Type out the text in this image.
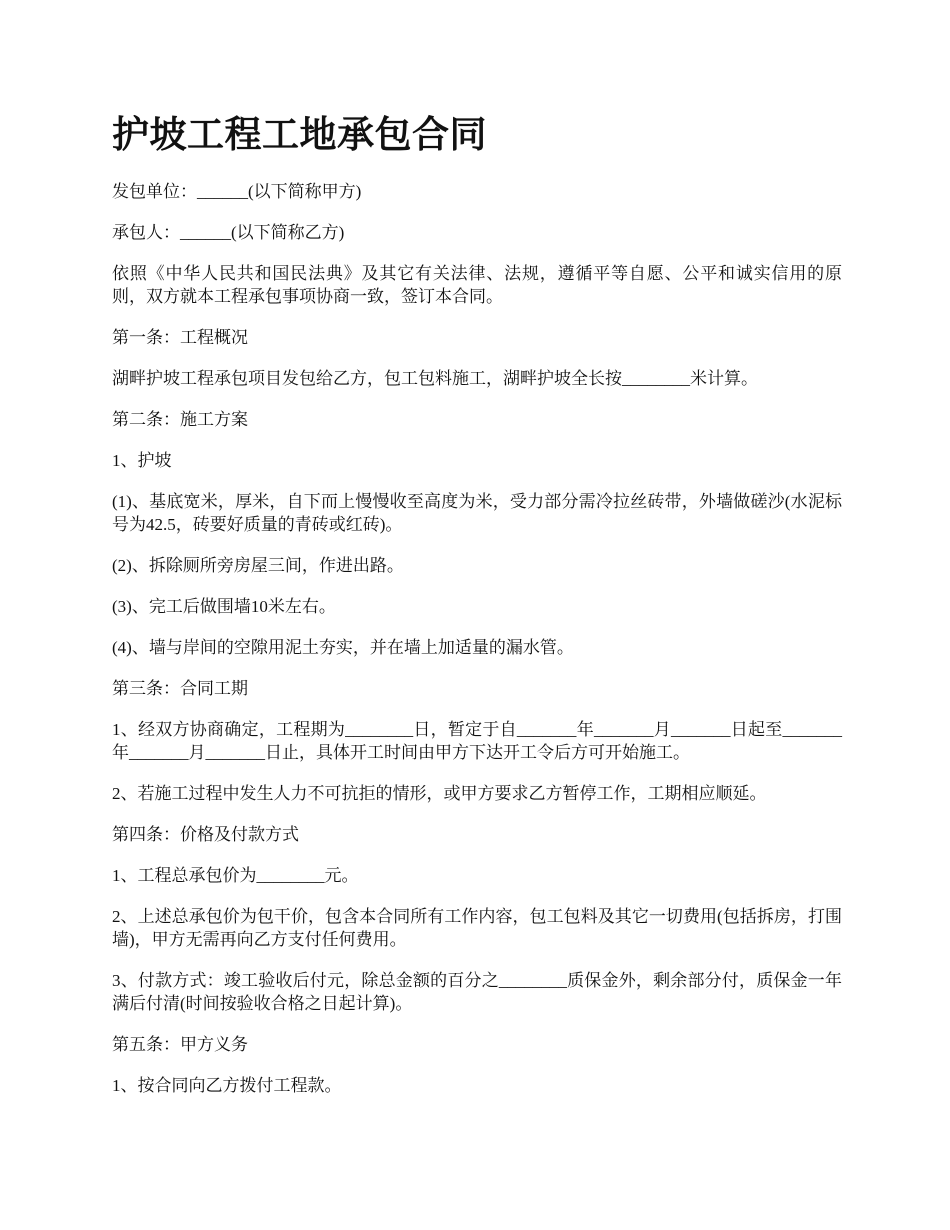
护坡工程工地承包合同
发包单位：______(以下简称甲方)
承包人：______(以下简称乙方)
依照《中华人民共和国民法典》及其它有关法律、法规，遵循平等自愿、公平和诚实信用的原则，双方就本工程承包事项协商一致，签订本合同。
第一条：工程概况
湖畔护坡工程承包项目发包给乙方，包工包料施工，湖畔护坡全长按________米计算。
第二条：施工方案
1、护坡
(1)、基底宽米，厚米，自下而上慢慢收至高度为米，受力部分需冷拉丝砖带，外墙做磋沙(水泥标号为42.5，砖要好质量的青砖或红砖)。
(2)、拆除厕所旁房屋三间，作进出路。
(3)、完工后做围墙10米左右。
(4)、墙与岸间的空隙用泥土夯实，并在墙上加适量的漏水管。
第三条：合同工期
1、经双方协商确定，工程期为________日，暂定于自_______年_______月_______日起至_______年_______月_______日止，具体开工时间由甲方下达开工令后方可开始施工。
2、若施工过程中发生人力不可抗拒的情形，或甲方要求乙方暂停工作，工期相应顺延。
第四条：价格及付款方式
1、工程总承包价为________元。
2、上述总承包价为包干价，包含本合同所有工作内容，包工包料及其它一切费用(包括拆房，打围墙)，甲方无需再向乙方支付任何费用。
3、付款方式：竣工验收后付元，除总金额的百分之________质保金外，剩余部分付，质保金一年满后付清(时间按验收合格之日起计算)。
第五条：甲方义务
1、按合同向乙方拨付工程款。
